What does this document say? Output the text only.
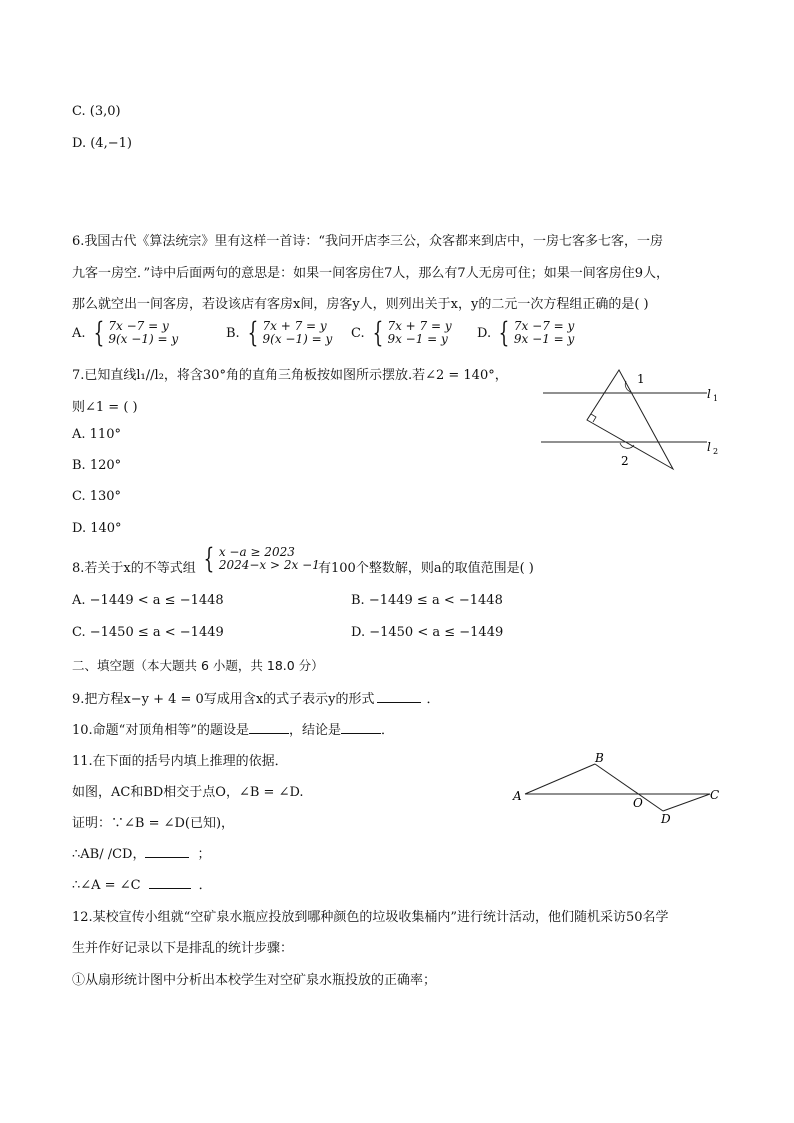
C. (3,0)
D. (4,−1)
6.我国古代《算法统宗》里有这样一首诗：“我问开店李三公，众客都来到店中，一房七客多七客，一房
九客一房空．”诗中后面两句的意思是：如果一间客房住7人，那么有7人无房可住；如果一间客房住9人，
那么就空出一间客房，若设该店有客房x间，房客y人，则列出关于x，y的二元一次方程组正确的是( )
A. { 7x −7 = y
9(x −1) = y	B. { 7x + 7 = y
9(x −1) = y C. { 7x + 7 = y
9x −1 = y D. { 7x −7 = y
9x −1 = y
7.已知直线l₁//l₂，将含30°角的直角三角板按如图所示摆放.若∠2 = 140°，
则∠1 = ( )
A. 110°
B. 120°
C. 130°
D. 140°
1
2
l 1
l 2
8.若关于x的不等式组 { x −a ≥ 2023
2024−x > 2x −1
有100个整数解，则a的取值范围是( )
A. −1449 < a ≤ −1448	B. −1449 ≤ a < −1448
C. −1450 ≤ a < −1449	D. −1450 < a ≤ −1449
二、填空题（本大题共 6 小题，共 18.0 分）
9.把方程x−y + 4 = 0写成用含x的式子表示y的形式	．
10.命题“对顶角相等”的题设是	，结论是	．
11.在下面的括号内填上推理的依据．
如图，AC和BD相交于点O，∠B = ∠D.
证明：∵∠B = ∠D(已知)，
∴AB/ /CD，	；
∴∠A = ∠C	．
A
B
C
D
O
12.某校宣传小组就“空矿泉水瓶应投放到哪种颜色的垃圾收集桶内”进行统计活动，他们随机采访50名学
生并作好记录以下是排乱的统计步骤：
①从扇形统计图中分析出本校学生对空矿泉水瓶投放的正确率；
